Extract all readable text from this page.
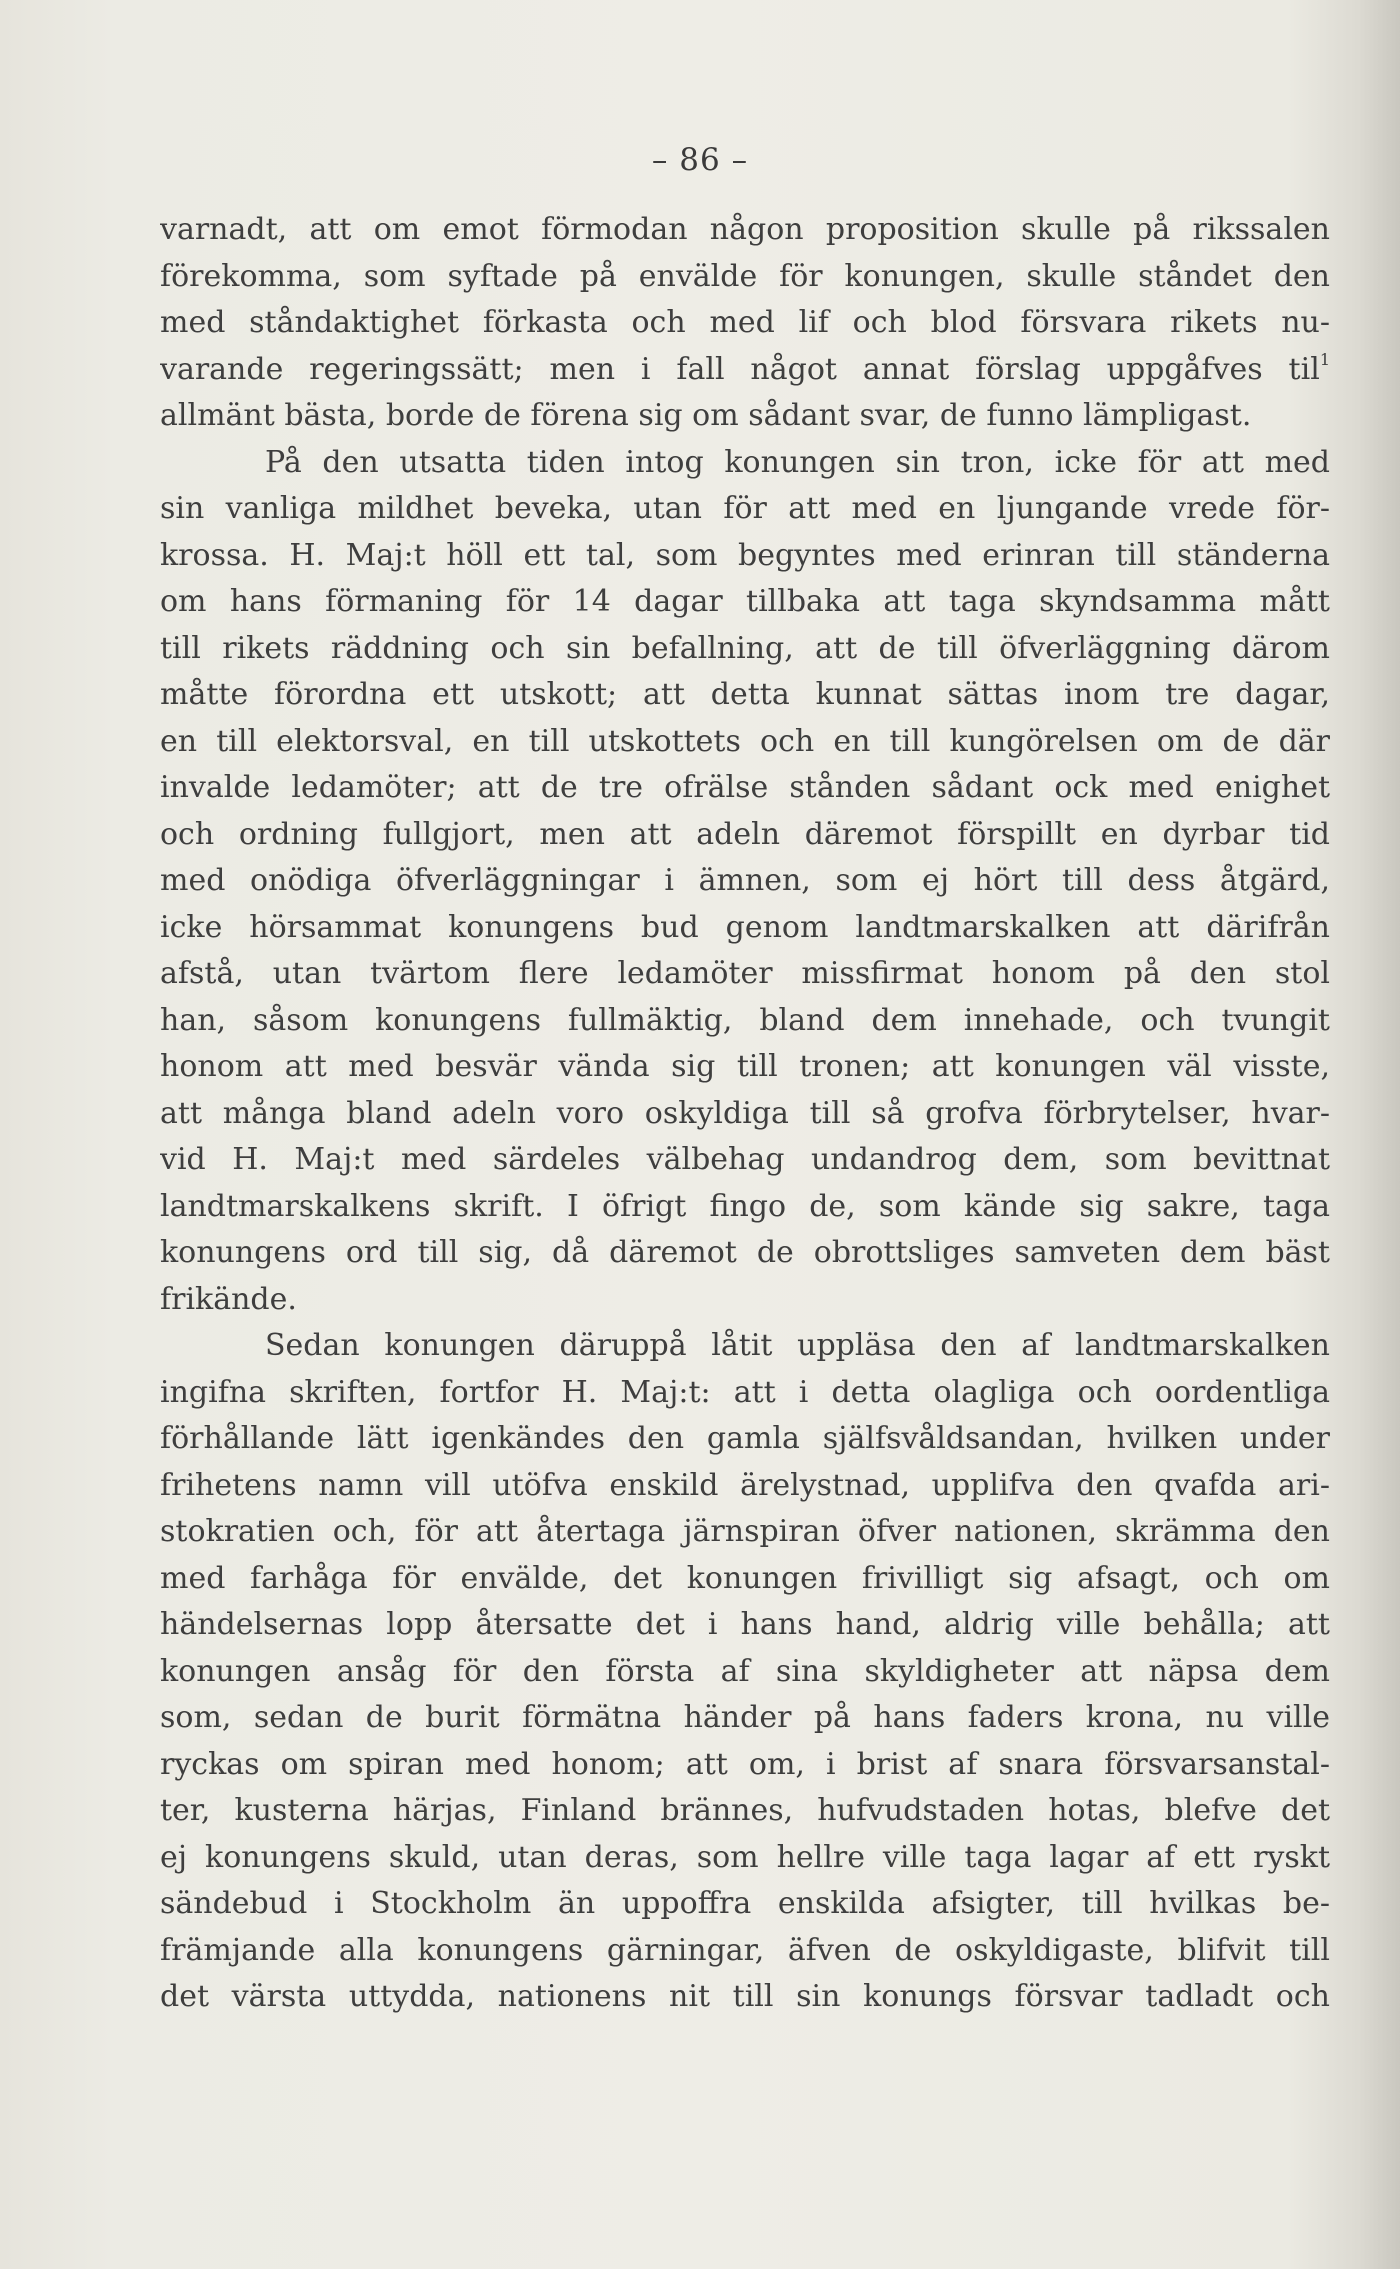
– 86 –
varnadt, att om emot förmodan någon proposition skulle på rikssalen
förekomma, som syftade på envälde för konungen, skulle ståndet den
med ståndaktighet förkasta och med lif och blod försvara rikets nu-
varande regeringssätt; men i fall något annat förslag uppgåfves til$^1$
allmänt bästa, borde de förena sig om sådant svar, de funno lämpligast.
På den utsatta tiden intog konungen sin tron, icke för att med
sin vanliga mildhet beveka, utan för att med en ljungande vrede för-
krossa. H. Maj:t höll ett tal, som begyntes med erinran till ständerna
om hans förmaning för 14 dagar tillbaka att taga skyndsamma mått
till rikets räddning och sin befallning, att de till öfverläggning därom
måtte förordna ett utskott; att detta kunnat sättas inom tre dagar,
en till elektorsval, en till utskottets och en till kungörelsen om de där
invalde ledamöter; att de tre ofrälse stånden sådant ock med enighet
och ordning fullgjort, men att adeln däremot förspillt en dyrbar tid
med onödiga öfverläggningar i ämnen, som ej hört till dess åtgärd,
icke hörsammat konungens bud genom landtmarskalken att därifrån
afstå, utan tvärtom flere ledamöter missfirmat honom på den stol
han, såsom konungens fullmäktig, bland dem innehade, och tvungit
honom att med besvär vända sig till tronen; att konungen väl visste,
att många bland adeln voro oskyldiga till så grofva förbrytelser, hvar-
vid H. Maj:t med särdeles välbehag undandrog dem, som bevittnat
landtmarskalkens skrift. I öfrigt fingo de, som kände sig sakre, taga
konungens ord till sig, då däremot de obrottsliges samveten dem bäst
frikände.
Sedan konungen däruppå låtit uppläsa den af landtmarskalken
ingifna skriften, fortfor H. Maj:t: att i detta olagliga och oordentliga
förhållande lätt igenkändes den gamla själfsvåldsandan, hvilken under
frihetens namn vill utöfva enskild ärelystnad, upplifva den qvafda ari-
stokratien och, för att återtaga järnspiran öfver nationen, skrämma den
med farhåga för envälde, det konungen frivilligt sig afsagt, och om
händelsernas lopp återsatte det i hans hand, aldrig ville behålla; att
konungen ansåg för den första af sina skyldigheter att näpsa dem
som, sedan de burit förmätna händer på hans faders krona, nu ville
ryckas om spiran med honom; att om, i brist af snara försvarsanstal-
ter, kusterna härjas, Finland brännes, hufvudstaden hotas, blefve det
ej konungens skuld, utan deras, som hellre ville taga lagar af ett ryskt
sändebud i Stockholm än uppoffra enskilda afsigter, till hvilkas be-
främjande alla konungens gärningar, äfven de oskyldigaste, blifvit till
det värsta uttydda, nationens nit till sin konungs försvar tadladt och
